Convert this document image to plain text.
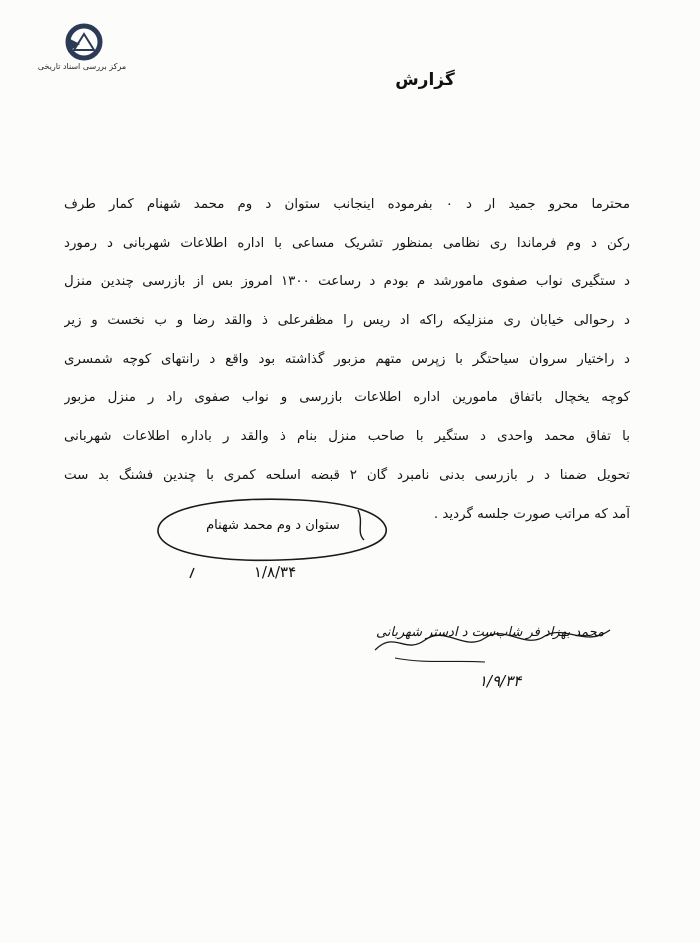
مرکز بررسی اسناد تاریخی
گزارش
محترما محرو جمید ار د ۰ بفرموده اینجانب ستوان د وم محمد شهنام کمار طرف
رکن د وم فرماندا ری نظامی بمنظور تشریک مساعی با اداره اطلاعات شهربانی د رمورد
د ستگیری نواب صفوی مامورشد م بودم د رساعت ۱۳۰۰ امروز بس از بازرسی چندین منزل
د رحوالی خیابان ری منزلیکه راکه اد ریس را مظفرعلی ذ والقد رضا و ب نخست و زیر
د راختیار سروان سیاحتگر با زپرس متهم مزبور گذاشته بود واقع د رانتهای کوچه شمسری
کوچه یخچال باتفاق مامورین اداره اطلاعات بازرسی و نواب صفوی راد ر منزل مزبور
با تفاق محمد واحدی د ستگیر با صاحب منزل بنام ذ والقد ر باداره اطلاعات شهربانی
تحویل ضمنا د ر بازرسی بدنی نامبرد گان ۲ قبضه اسلحه کمری با چندین فشنگ بد ست
آمد که مراتب صورت جلسه گردید .
ستوان د وم محمد شهنام
۱/۸/۳۴
محمد بهزاد فر شاب‌ست د ادستر شهربانی
۱/۹/۳۴
